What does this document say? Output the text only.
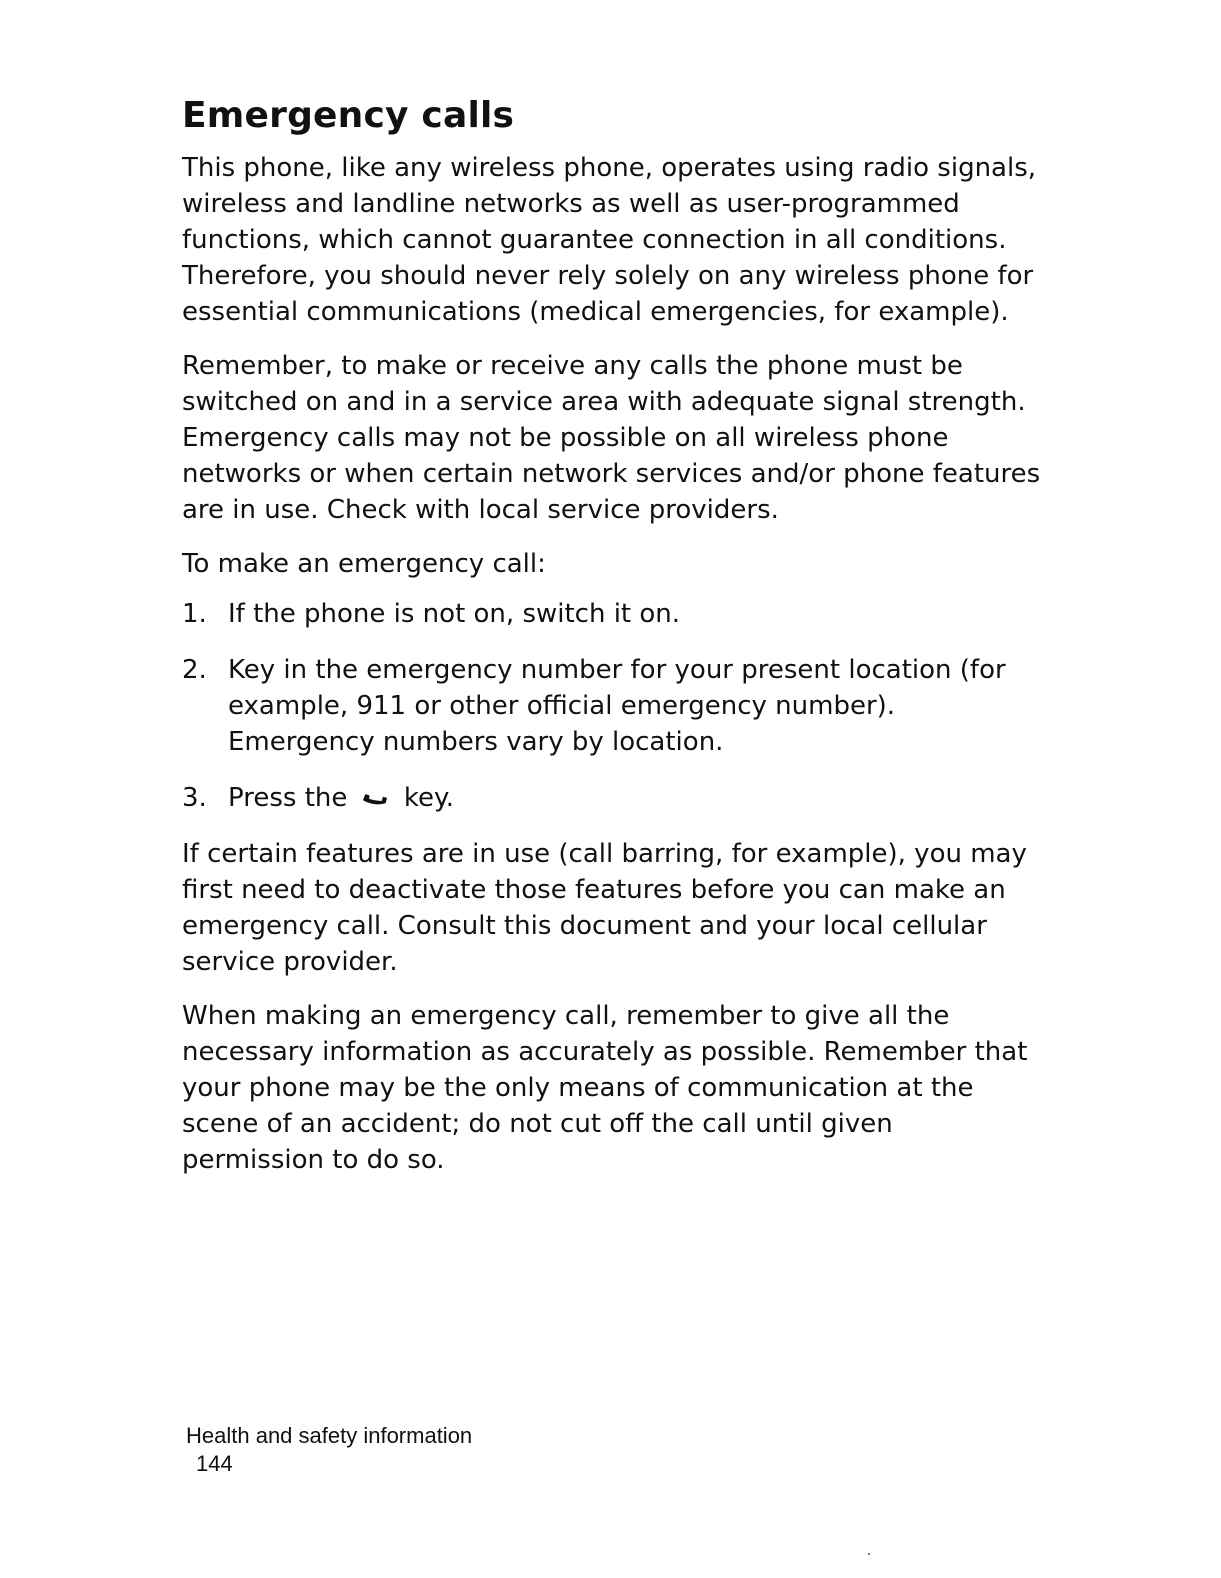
Emergency calls

This phone, like any wireless phone, operates using radio signals, wireless and landline networks as well as user-programmed functions, which cannot guarantee connection in all conditions. Therefore, you should never rely solely on any wireless phone for essential communications (medical emergencies, for example).

Remember, to make or receive any calls the phone must be switched on and in a service area with adequate signal strength. Emergency calls may not be possible on all wireless phone networks or when certain network services and/or phone features are in use. Check with local service providers.

To make an emergency call:

1. If the phone is not on, switch it on.
2. Key in the emergency number for your present location (for example, 911 or other official emergency number). Emergency numbers vary by location.
3. Press the key.

If certain features are in use (call barring, for example), you may first need to deactivate those features before you can make an emergency call. Consult this document and your local cellular service provider.

When making an emergency call, remember to give all the necessary information as accurately as possible. Remember that your phone may be the only means of communication at the scene of an accident; do not cut off the call until given permission to do so.

Health and safety information
144
